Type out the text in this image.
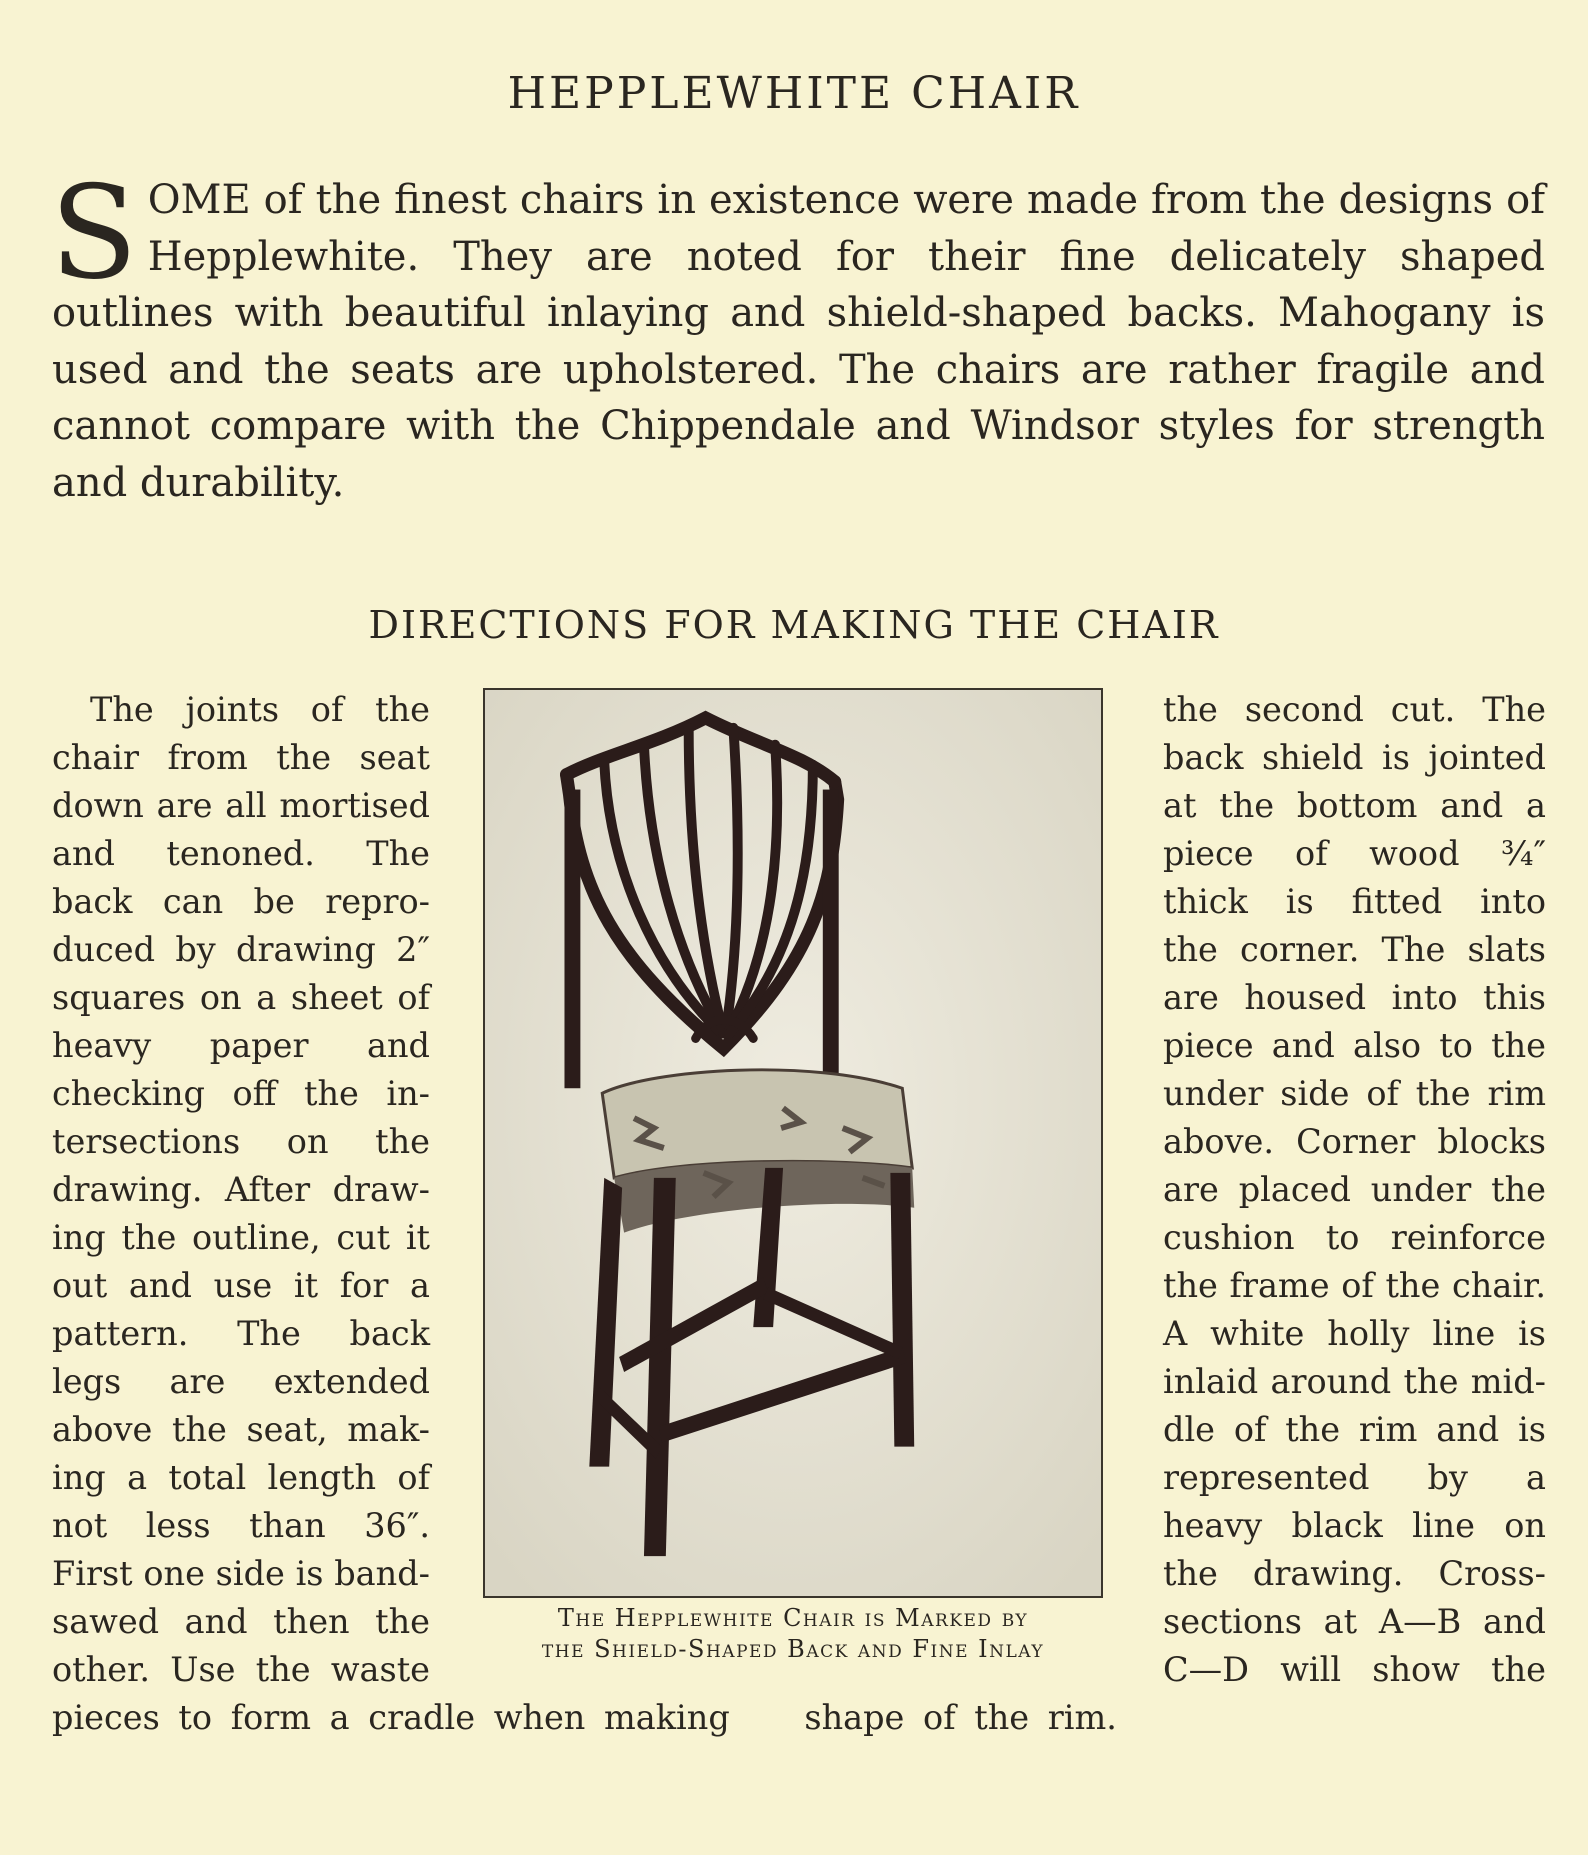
HEPPLEWHITE CHAIR

SOME of the finest chairs in existence were made from the designs of Hepplewhite. They are noted for their fine delicately shaped outlines with beautiful inlaying and shield-shaped backs. Mahogany is used and the seats are upholstered. The chairs are rather fragile and cannot compare with the Chippendale and Windsor styles for strength and durability.

DIRECTIONS FOR MAKING THE CHAIR
The joints of the
chair from the seat
down are all mortised
and tenoned. The
back can be repro-
duced by drawing 2″
squares on a sheet of
heavy paper and
checking off the in-
tersections on the
drawing. After draw-
ing the outline, cut it
out and use it for a
pattern. The back
legs are extended
above the seat, mak-
ing a total length of
not less than 36″.
First one side is band-
sawed and then the
other. Use the waste

The Hepplewhite Chair is Marked by
the Shield-Shaped Back and Fine Inlay

the second cut. The
back shield is jointed
at the bottom and a
piece of wood ¾″
thick is fitted into
the corner. The slats
are housed into this
piece and also to the
under side of the rim
above. Corner blocks
are placed under the
cushion to reinforce
the frame of the chair.
A white holly line is
inlaid around the mid-
dle of the rim and is
represented by a
heavy black line on
the drawing. Cross-
sections at A—B and
C—D will show the

pieces to form a cradle when making shape of the rim.
